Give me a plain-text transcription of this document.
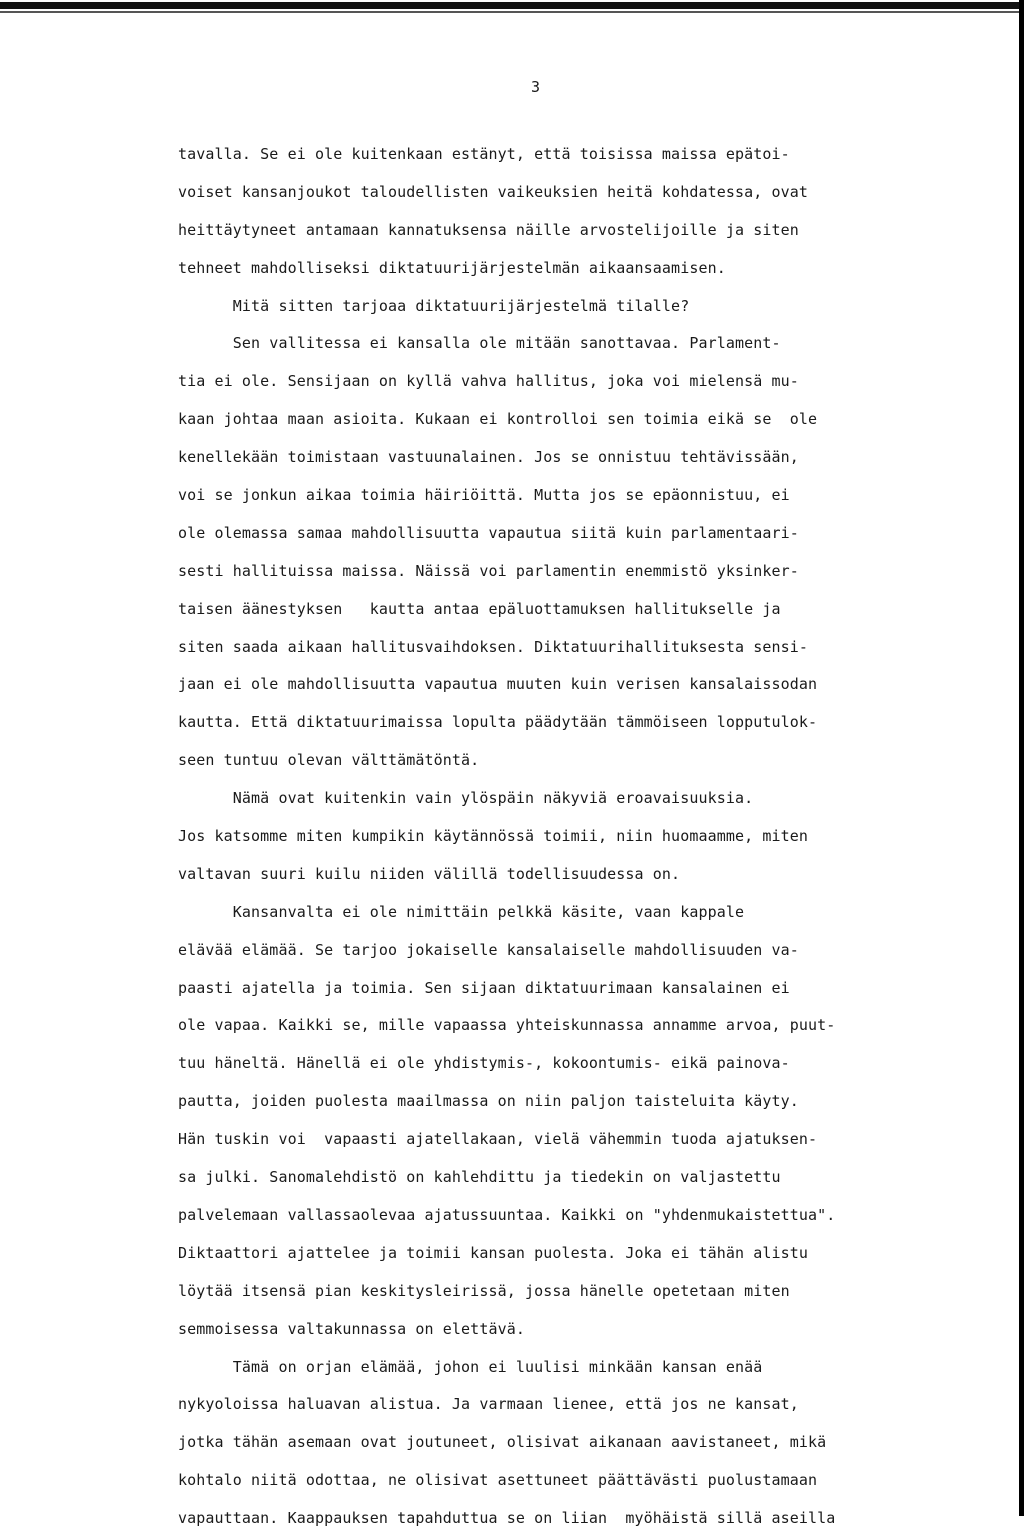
3
tavalla. Se ei ole kuitenkaan estänyt, että toisissa maissa epätoi-
voiset kansanjoukot taloudellisten vaikeuksien heitä kohdatessa, ovat
heittäytyneet antamaan kannatuksensa näille arvostelijoille ja siten
tehneet mahdolliseksi diktatuurijärjestelmän aikaansaamisen.
Mitä sitten tarjoaa diktatuurijärjestelmä tilalle?
Sen vallitessa ei kansalla ole mitään sanottavaa. Parlament-
tia ei ole. Sensijaan on kyllä vahva hallitus, joka voi mielensä mu-
kaan johtaa maan asioita. Kukaan ei kontrolloi sen toimia eikä se  ole
kenellekään toimistaan vastuunalainen. Jos se onnistuu tehtävissään,
voi se jonkun aikaa toimia häiriöittä. Mutta jos se epäonnistuu, ei
ole olemassa samaa mahdollisuutta vapautua siitä kuin parlamentaari-
sesti hallituissa maissa. Näissä voi parlamentin enemmistö yksinker-
taisen äänestyksen   kautta antaa epäluottamuksen hallitukselle ja
siten saada aikaan hallitusvaihdoksen. Diktatuurihallituksesta sensi-
jaan ei ole mahdollisuutta vapautua muuten kuin verisen kansalaissodan
kautta. Että diktatuurimaissa lopulta päädytään tämmöiseen lopputulok-
seen tuntuu olevan välttämätöntä.
Nämä ovat kuitenkin vain ylöspäin näkyviä eroavaisuuksia.
Jos katsomme miten kumpikin käytännössä toimii, niin huomaamme, miten
valtavan suuri kuilu niiden välillä todellisuudessa on.
Kansanvalta ei ole nimittäin pelkkä käsite, vaan kappale
elävää elämää. Se tarjoo jokaiselle kansalaiselle mahdollisuuden va-
paasti ajatella ja toimia. Sen sijaan diktatuurimaan kansalainen ei
ole vapaa. Kaikki se, mille vapaassa yhteiskunnassa annamme arvoa, puut-
tuu häneltä. Hänellä ei ole yhdistymis-, kokoontumis- eikä painova-
pautta, joiden puolesta maailmassa on niin paljon taisteluita käyty.
Hän tuskin voi  vapaasti ajatellakaan, vielä vähemmin tuoda ajatuksen-
sa julki. Sanomalehdistö on kahlehdittu ja tiedekin on valjastettu
palvelemaan vallassaolevaa ajatussuuntaa. Kaikki on "yhdenmukaistettua".
Diktaattori ajattelee ja toimii kansan puolesta. Joka ei tähän alistu
löytää itsensä pian keskitysleirissä, jossa hänelle opetetaan miten
semmoisessa valtakunnassa on elettävä.
Tämä on orjan elämää, johon ei luulisi minkään kansan enää
nykyoloissa haluavan alistua. Ja varmaan lienee, että jos ne kansat,
jotka tähän asemaan ovat joutuneet, olisivat aikanaan aavistaneet, mikä
kohtalo niitä odottaa, ne olisivat asettuneet päättävästi puolustamaan
vapauttaan. Kaappauksen tapahduttua se on liian  myöhäistä sillä aseilla
